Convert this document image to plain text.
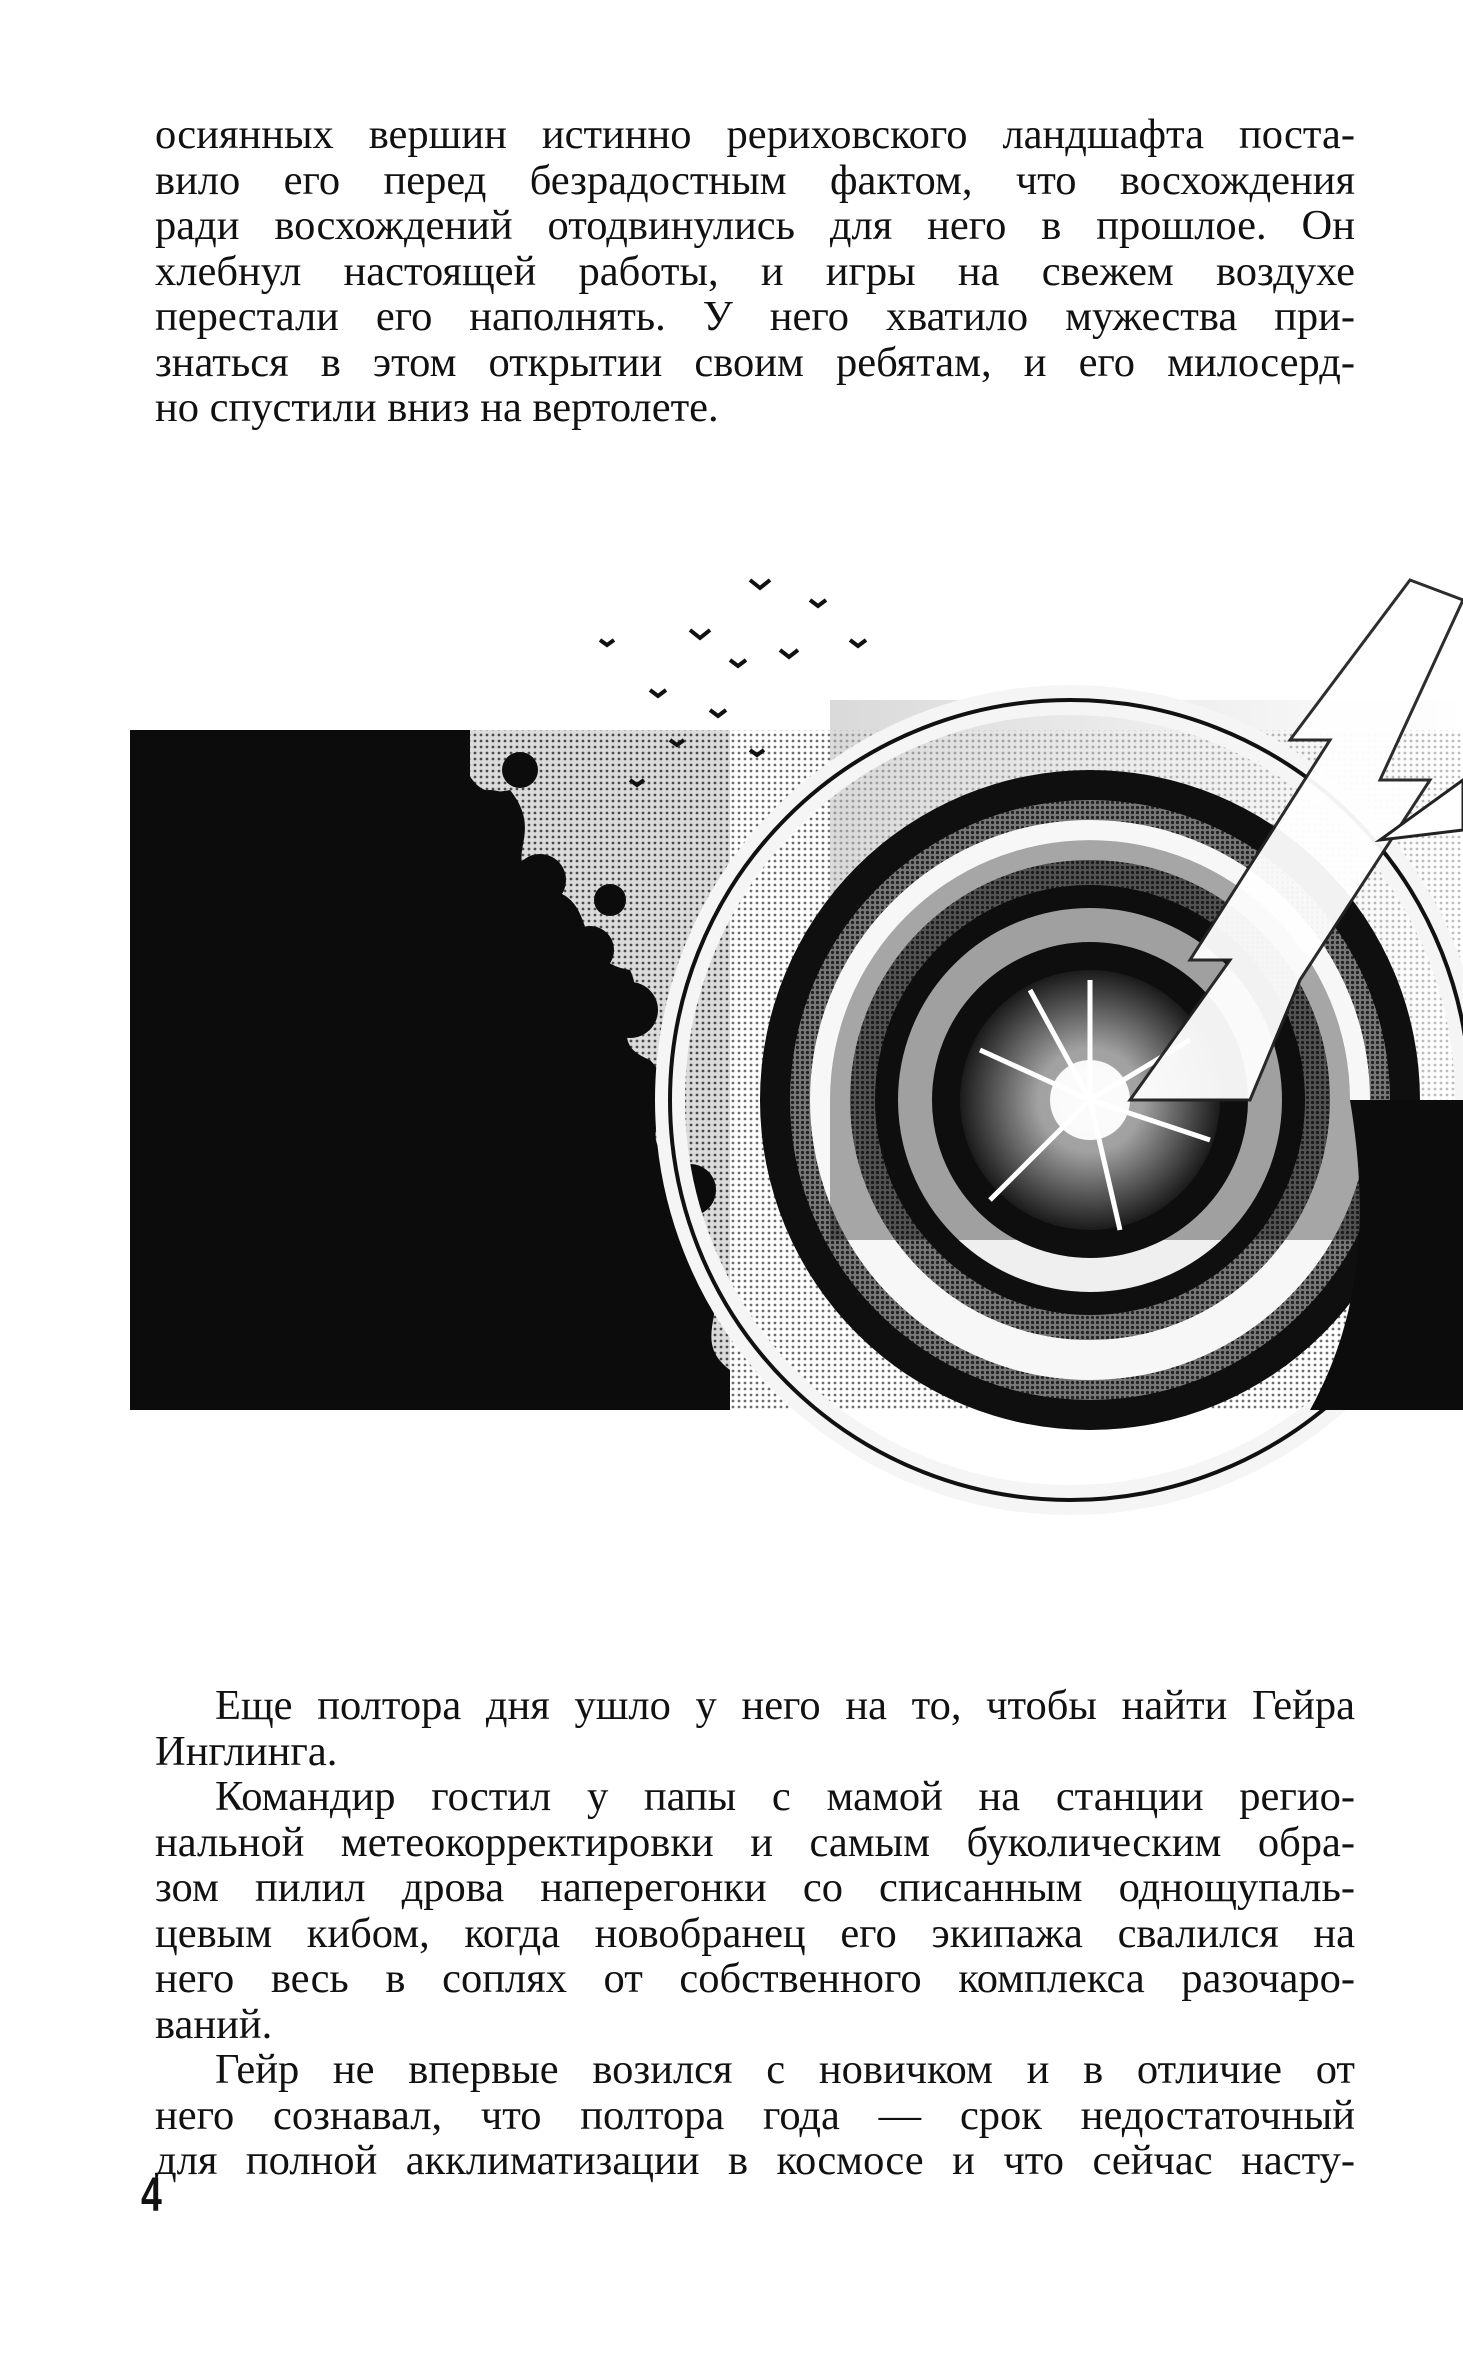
осиянных вершин истинно рериховского ландшафта поста-
вило его перед безрадостным фактом, что восхождения
ради восхождений отодвинулись для него в прошлое. Он
хлебнул настоящей работы, и игры на свежем воздухе
перестали его наполнять. У него хватило мужества при-
знаться в этом открытии своим ребятам, и его милосерд-
но спустили вниз на вертолете.
Еще полтора дня ушло у него на то, чтобы найти Гейра
Инглинга.
Командир гостил у папы с мамой на станции регио-
нальной метеокорректировки и самым буколическим обра-
зом пилил дрова наперегонки со списанным однощупаль-
цевым кибом, когда новобранец его экипажа свалился на
него весь в соплях от собственного комплекса разочаро-
ваний.
Гейр не впервые возился с новичком и в отличие от
него сознавал, что полтора года — срок недостаточный
для полной акклиматизации в космосе и что сейчас насту-
4
